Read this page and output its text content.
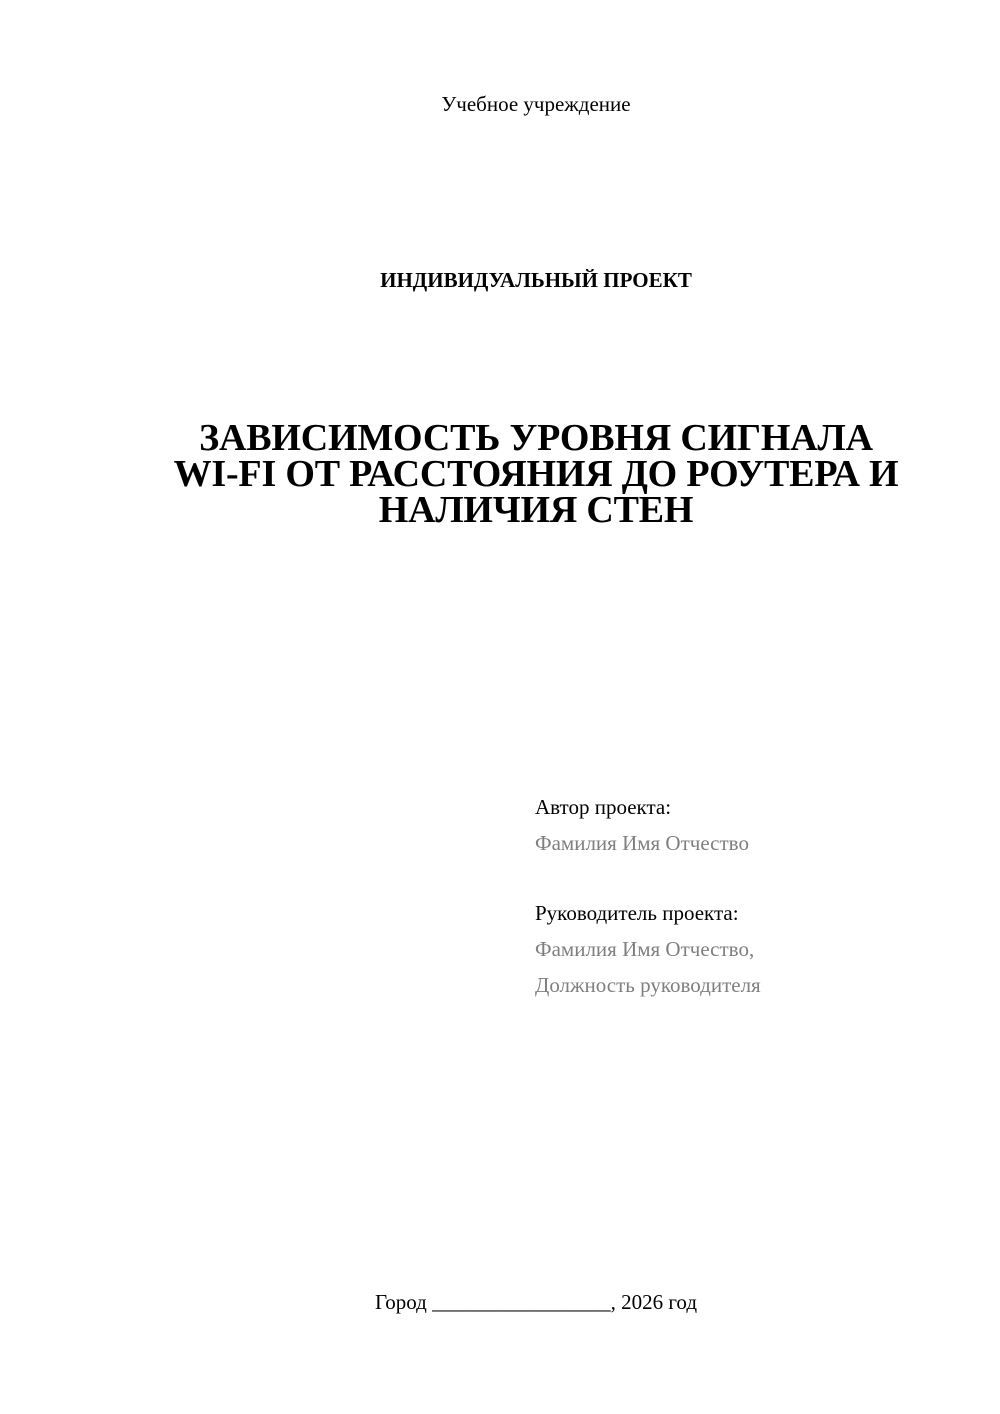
Учебное учреждение
ИНДИВИДУАЛЬНЫЙ ПРОЕКТ
ЗАВИСИМОСТЬ УРОВНЯ СИГНАЛА
WI-FI ОТ РАССТОЯНИЯ ДО РОУТЕРА И
НАЛИЧИЯ СТЕН
Автор проекта:
Фамилия Имя Отчество
Руководитель проекта:
Фамилия Имя Отчество,
Должность руководителя
Город _________________, 2026 год
